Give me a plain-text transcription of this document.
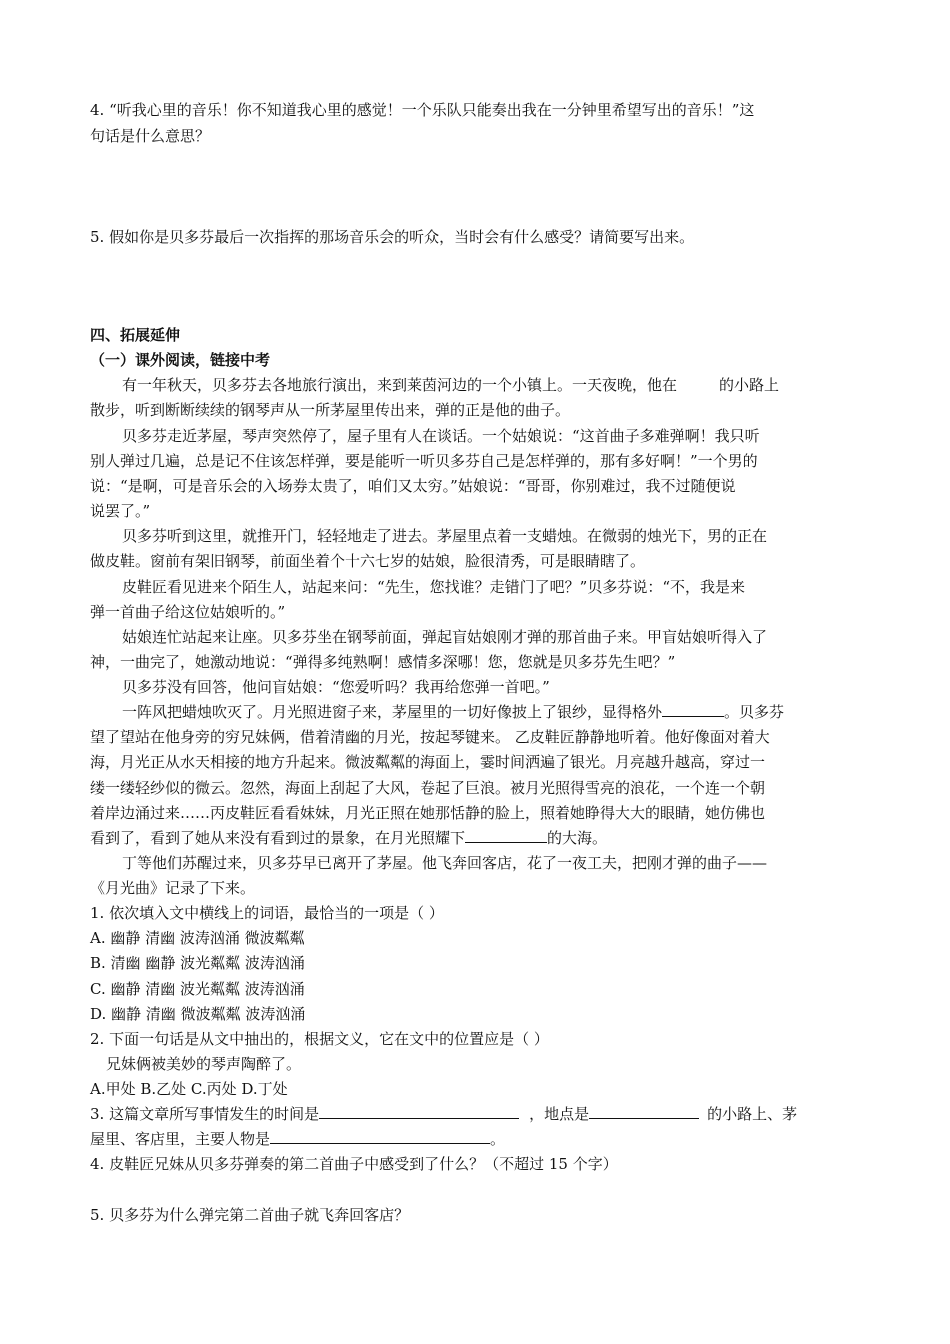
4. “听我心里的音乐！你不知道我心里的感觉！一个乐队只能奏出我在一分钟里希望写出的音乐！”这
句话是什么意思？
5. 假如你是贝多芬最后一次指挥的那场音乐会的听众，当时会有什么感受？请简要写出来。
四、拓展延伸
（一）课外阅读，链接中考
有一年秋天，贝多芬去各地旅行演出，来到莱茵河边的一个小镇上。一天夜晚，他在	的小路上
散步，听到断断续续的钢琴声从一所茅屋里传出来，弹的正是他的曲子。
贝多芬走近茅屋，琴声突然停了，屋子里有人在谈话。一个姑娘说：“这首曲子多难弹啊！我只听
别人弹过几遍，总是记不住该怎样弹，要是能听一听贝多芬自己是怎样弹的，那有多好啊！”一个男的
说：“是啊，可是音乐会的入场券太贵了，咱们又太穷。”姑娘说：“哥哥，你别难过，我不过随便说
说罢了。”
贝多芬听到这里，就推开门，轻轻地走了进去。茅屋里点着一支蜡烛。在微弱的烛光下，男的正在
做皮鞋。窗前有架旧钢琴，前面坐着个十六七岁的姑娘，脸很清秀，可是眼睛瞎了。
皮鞋匠看见进来个陌生人，站起来问：“先生，您找谁？走错门了吧？”贝多芬说：“不，我是来
弹一首曲子给这位姑娘听的。”
姑娘连忙站起来让座。贝多芬坐在钢琴前面，弹起盲姑娘刚才弹的那首曲子来。甲盲姑娘听得入了
神，一曲完了，她激动地说：“弹得多纯熟啊！感情多深哪！您，您就是贝多芬先生吧？”
贝多芬没有回答，他问盲姑娘：“您爱听吗？我再给您弹一首吧。”
一阵风把蜡烛吹灭了。月光照进窗子来，茅屋里的一切好像披上了银纱，显得格外	。贝多芬
望了望站在他身旁的穷兄妹俩，借着清幽的月光，按起琴键来。 乙皮鞋匠静静地听着。他好像面对着大
海，月光正从水天相接的地方升起来。微波粼粼的海面上，霎时间洒遍了银光。月亮越升越高，穿过一
缕一缕轻纱似的微云。忽然，海面上刮起了大风，卷起了巨浪。被月光照得雪亮的浪花，一个连一个朝
着岸边涌过来……丙皮鞋匠看看妹妹，月光正照在她那恬静的脸上，照着她睁得大大的眼睛，她仿佛也
看到了，看到了她从来没有看到过的景象，在月光照耀下	的大海。
丁等他们苏醒过来，贝多芬早已离开了茅屋。他飞奔回客店，花了一夜工夫，把刚才弹的曲子——
《月光曲》记录了下来。
1. 依次填入文中横线上的词语，最恰当的一项是（ ）
A. 幽静 清幽 波涛汹涌 微波粼粼
B. 清幽 幽静 波光粼粼 波涛汹涌
C. 幽静 清幽 波光粼粼 波涛汹涌
D. 幽静 清幽 微波粼粼 波涛汹涌
2. 下面一句话是从文中抽出的，根据文义，它在文中的位置应是（ ）
兄妹俩被美妙的琴声陶醉了。
A.甲处 B.乙处 C.丙处 D.丁处
3. 这篇文章所写事情发生的时间是	，地点是	的小路上、茅
屋里、客店里，主要人物是	。
4. 皮鞋匠兄妹从贝多芬弹奏的第二首曲子中感受到了什么？（不超过 15 个字）
5. 贝多芬为什么弹完第二首曲子就飞奔回客店？
